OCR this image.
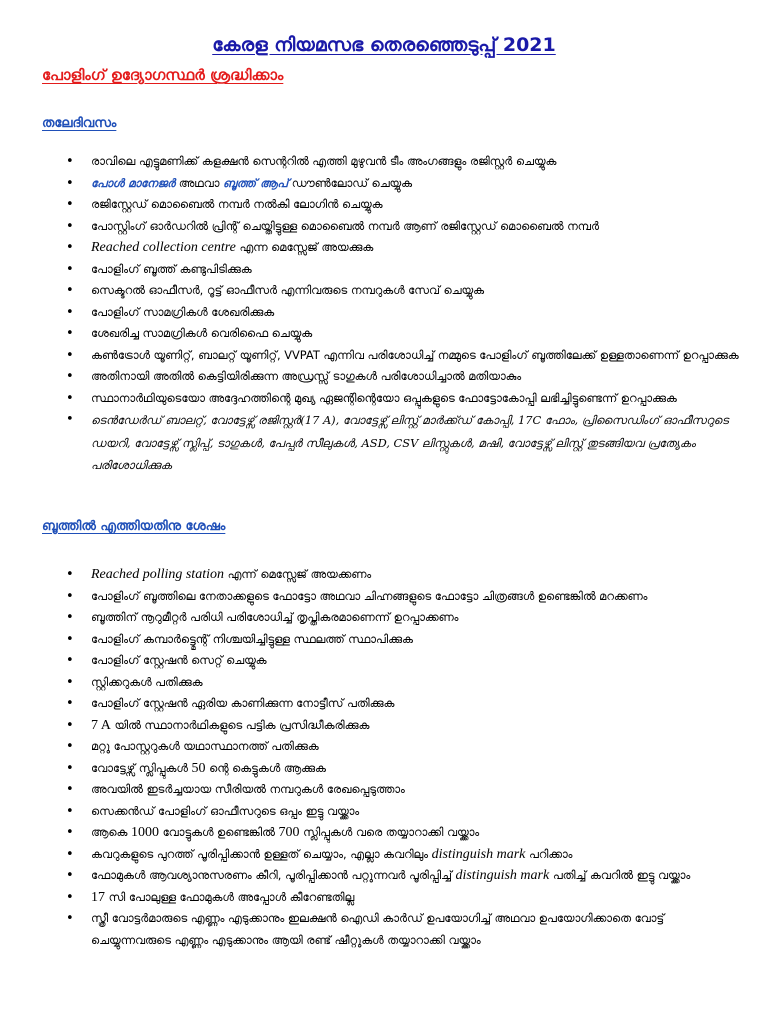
കേരള നിയമസഭ തെരഞ്ഞെടുപ്പ് 2021
പോളിംഗ് ഉദ്യോഗസ്ഥർ ശ്രദ്ധിക്കാം
തലേദിവസം
• രാവിലെ എട്ടുമണിക്ക് കളക്ഷൻ സെന്ററിൽ എത്തി മുഴുവൻ ടീം അംഗങ്ങളും രജിസ്റ്റർ ചെയ്യുക
• പോൾ മാനേജർ അഥവാ ബൂത്ത് ആപ് ഡൗൺലോഡ് ചെയ്യുക
• രജിസ്റ്റേഡ് മൊബൈൽ നമ്പർ നൽകി ലോഗിൻ ചെയ്യുക
• പോസ്റ്റിംഗ് ഓർഡറിൽ പ്രിന്റ് ചെയ്തിട്ടുള്ള മൊബൈൽ നമ്പർ ആണ് രജിസ്റ്റേഡ് മൊബൈൽ നമ്പർ
• Reached collection centre എന്ന മെസ്സേജ് അയക്കുക
• പോളിംഗ് ബൂത്ത് കണ്ടുപിടിക്കുക
• സെക്ടറൽ ഓഫീസർ, റൂട്ട് ഓഫീസർ എന്നിവരുടെ നമ്പറുകൾ സേവ് ചെയ്യുക
• പോളിംഗ് സാമഗ്രികൾ ശേഖരിക്കുക
• ശേഖരിച്ച സാമഗ്രികൾ വെരിഫൈ ചെയ്യുക
• കൺട്രോൾ യൂണിറ്റ്, ബാലറ്റ് യൂണിറ്റ്, VVPAT എന്നിവ പരിശോധിച്ച് നമ്മുടെ പോളിംഗ് ബൂത്തിലേക്ക് ഉള്ളതാണെന്ന് ഉറപ്പാക്കുക
• അതിനായി അതിൽ കെട്ടിയിരിക്കുന്ന അഡ്രസ്സ് ടാഗുകൾ പരിശോധിച്ചാൽ മതിയാകും
• സ്ഥാനാർഥിയുടെയോ അദ്ദേഹത്തിന്റെ മുഖ്യ ഏജന്റിന്റെയോ ഒപ്പുകളുടെ ഫോട്ടോകോപ്പി ലഭിച്ചിട്ടുണ്ടെന്ന് ഉറപ്പാക്കുക
• ടെൻഡേർഡ് ബാലറ്റ്, വോട്ടേഴ്സ് രജിസ്റ്റർ(17 A), വോട്ടേഴ്സ് ലിസ്റ്റ് മാർക്ക്ഡ് കോപ്പി, 17C ഫോം, പ്രിസൈഡിംഗ് ഓഫീസറുടെ ഡയറി, വോട്ടേഴ്സ് സ്ലിപ്പ്, ടാഗുകൾ, പേപ്പർ സീലുകൾ, ASD, CSV ലിസ്റ്റുകൾ, മഷി, വോട്ടേഴ്സ് ലിസ്റ്റ് തുടങ്ങിയവ പ്രത്യേകം പരിശോധിക്കുക
ബൂത്തിൽ എത്തിയതിനു ശേഷം
• Reached polling station എന്ന് മെസ്സേജ് അയക്കണം
• പോളിംഗ് ബൂത്തിലെ നേതാക്കളുടെ ഫോട്ടോ അഥവാ ചിഹ്നങ്ങളുടെ ഫോട്ടോ ചിത്രങ്ങൾ ഉണ്ടെങ്കിൽ മറക്കണം
• ബൂത്തിന് നൂറുമീറ്റർ പരിധി പരിശോധിച്ച് തൃപ്തികരമാണെന്ന് ഉറപ്പാക്കണം
• പോളിംഗ് കമ്പാർട്ട്മെന്റ് നിശ്ചയിച്ചിട്ടുള്ള സ്ഥലത്ത് സ്ഥാപിക്കുക
• പോളിംഗ് സ്റ്റേഷൻ സെറ്റ് ചെയ്യുക
• സ്റ്റിക്കറുകൾ പതിക്കുക
• പോളിംഗ് സ്റ്റേഷൻ ഏരിയ കാണിക്കുന്ന നോട്ടീസ് പതിക്കുക
• 7 A യിൽ സ്ഥാനാർഥികളുടെ പട്ടിക പ്രസിദ്ധീകരിക്കുക
• മറ്റു പോസ്റ്ററുകൾ യഥാസ്ഥാനത്ത് പതിക്കുക
• വോട്ടേഴ്സ് സ്ലിപ്പുകൾ 50 ന്റെ കെട്ടുകൾ ആക്കുക
• അവയിൽ ഇടർച്ചയായ സീരിയൽ നമ്പറുകൾ രേഖപ്പെടുത്താം
• സെക്കൻഡ് പോളിംഗ് ഓഫീസറുടെ ഒപ്പം ഇട്ടു വയ്ക്കാം
• ആകെ 1000 വോട്ടുകൾ ഉണ്ടെങ്കിൽ 700 സ്ലിപ്പുകൾ വരെ തയ്യാറാക്കി വയ്ക്കാം
• കവറുകളുടെ പുറത്ത് പൂരിപ്പിക്കാൻ ഉള്ളത് ചെയ്യാം, എല്ലാ കവറിലും distinguish mark പറിക്കാം
• ഫോമുകൾ ആവശ്യാനുസരണം കീറി, പൂരിപ്പിക്കാൻ പറ്റുന്നവർ പൂരിപ്പിച്ച് distinguish mark പതിച്ച് കവറിൽ ഇട്ടു വയ്ക്കാം
• 17 സി പോലുള്ള ഫോമുകൾ അപ്പോൾ കീറേണ്ടതില്ല
• സ്ത്രീ വോട്ടർമാരുടെ എണ്ണം എടുക്കാനും ഇലക്ഷൻ ഐഡി കാർഡ് ഉപയോഗിച്ച് അഥവാ ഉപയോഗിക്കാതെ വോട്ട് ചെയ്യുന്നവരുടെ എണ്ണം എടുക്കാനും ആയി രണ്ട് ഷീറ്റുകൾ തയ്യാറാക്കി വയ്ക്കാം
